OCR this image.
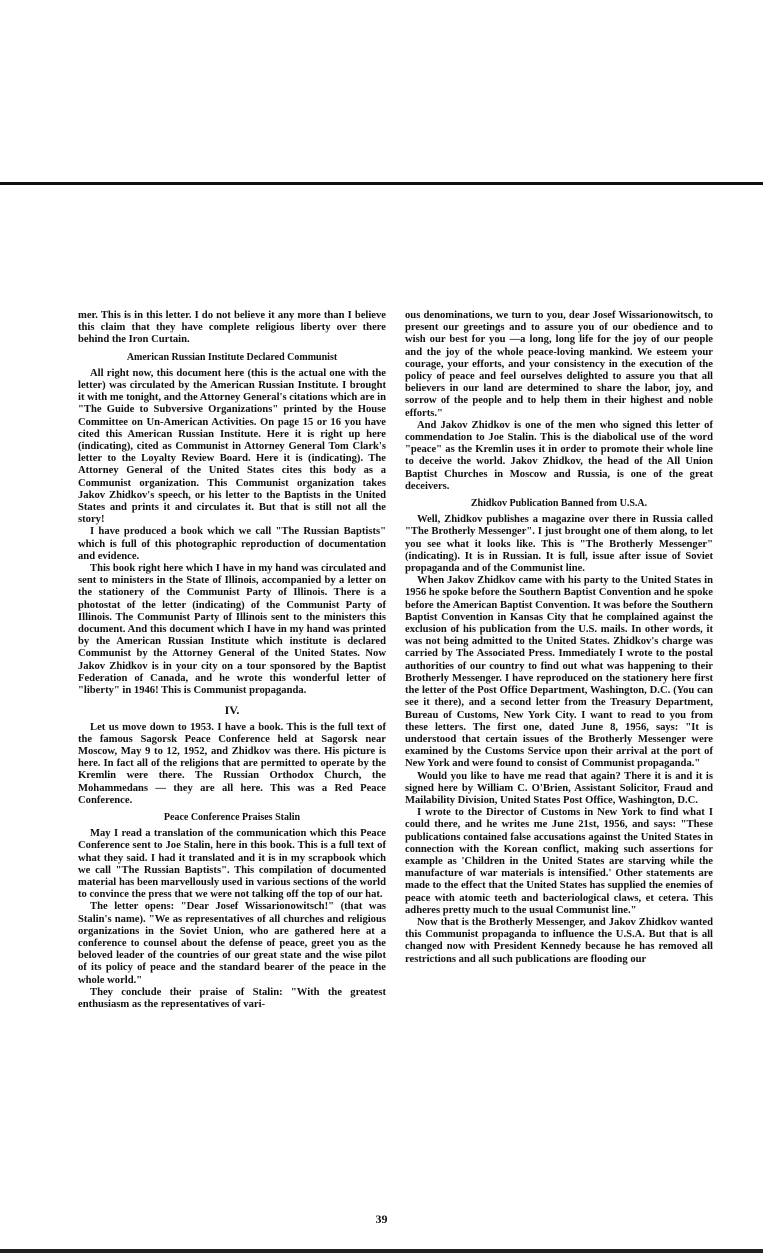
mer. This is in this letter. I do not believe it any more than I believe this claim that they have complete religious liberty over there behind the Iron Curtain.

American Russian Institute Declared Communist

All right now, this document here (this is the actual one with the letter) was circulated by the American Russian Institute. I brought it with me tonight, and the Attorney General's citations which are in "The Guide to Subversive Organizations" printed by the House Committee on Un-American Activities. On page 15 or 16 you have cited this American Russian Institute. Here it is right up here (indicating), cited as Communist in Attorney General Tom Clark's letter to the Loyalty Review Board. Here it is (indicating). The Attorney General of the United States cites this body as a Communist organization. This Communist organization takes Jakov Zhidkov's speech, or his letter to the Baptists in the United States and prints it and circulates it. But that is still not all the story!

I have produced a book which we call "The Russian Baptists" which is full of this photographic reproduction of documentation and evidence.

This book right here which I have in my hand was circulated and sent to ministers in the State of Illinois, accompanied by a letter on the stationery of the Communist Party of Illinois. There is a photostat of the letter (indicating) of the Communist Party of Illinois. The Communist Party of Illinois sent to the ministers this document. And this document which I have in my hand was printed by the American Russian Institute which institute is declared Communist by the Attorney General of the United States. Now Jakov Zhidkov is in your city on a tour sponsored by the Baptist Federation of Canada, and he wrote this wonderful letter of "liberty" in 1946! This is Communist propaganda.

IV.

Let us move down to 1953. I have a book. This is the full text of the famous Sagorsk Peace Conference held at Sagorsk near Moscow, May 9 to 12, 1952, and Zhidkov was there. His picture is here. In fact all of the religions that are permitted to operate by the Kremlin were there. The Russian Orthodox Church, the Mohammedans — they are all here. This was a Red Peace Conference.

Peace Conference Praises Stalin

May I read a translation of the communication which this Peace Conference sent to Joe Stalin, here in this book. This is a full text of what they said. I had it translated and it is in my scrapbook which we call "The Russian Baptists". This compilation of documented material has been marvellously used in various sections of the world to convince the press that we were not talking off the top of our hat.

The letter opens: "Dear Josef Wissarionowitsch!" (that was Stalin's name). "We as representatives of all churches and religious organizations in the Soviet Union, who are gathered here at a conference to counsel about the defense of peace, greet you as the beloved leader of the countries of our great state and the wise pilot of its policy of peace and the standard bearer of the peace in the whole world."

They conclude their praise of Stalin: "With the greatest enthusiasm as the representatives of vari-

ous denominations, we turn to you, dear Josef Wissarionowitsch, to present our greetings and to assure you of our obedience and to wish our best for you —a long, long life for the joy of our people and the joy of the whole peace-loving mankind. We esteem your courage, your efforts, and your consistency in the execution of the policy of peace and feel ourselves delighted to assure you that all believers in our land are determined to share the labor, joy, and sorrow of the people and to help them in their highest and noble efforts."

And Jakov Zhidkov is one of the men who signed this letter of commendation to Joe Stalin. This is the diabolical use of the word "peace" as the Kremlin uses it in order to promote their whole line to deceive the world. Jakov Zhidkov, the head of the All Union Baptist Churches in Moscow and Russia, is one of the great deceivers.

Zhidkov Publication Banned from U.S.A.

Well, Zhidkov publishes a magazine over there in Russia called "The Brotherly Messenger". I just brought one of them along, to let you see what it looks like. This is "The Brotherly Messenger" (indicating). It is in Russian. It is full, issue after issue of Soviet propaganda and of the Communist line.

When Jakov Zhidkov came with his party to the United States in 1956 he spoke before the Southern Baptist Convention and he spoke before the American Baptist Convention. It was before the Southern Baptist Convention in Kansas City that he complained against the exclusion of his publication from the U.S. mails. In other words, it was not being admitted to the United States. Zhidkov's charge was carried by The Associated Press. Immediately I wrote to the postal authorities of our country to find out what was happening to their Brotherly Messenger. I have reproduced on the stationery here first the letter of the Post Office Department, Washington, D.C. (You can see it there), and a second letter from the Treasury Department, Bureau of Customs, New York City. I want to read to you from these letters. The first one, dated June 8, 1956, says: "It is understood that certain issues of the Brotherly Messenger were examined by the Customs Service upon their arrival at the port of New York and were found to consist of Communist propaganda."

Would you like to have me read that again? There it is and it is signed here by William C. O'Brien, Assistant Solicitor, Fraud and Mailability Division, United States Post Office, Washington, D.C.

I wrote to the Director of Customs in New York to find what I could there, and he writes me June 21st, 1956, and says: "These publications contained false accusations against the United States in connection with the Korean conflict, making such assertions for example as 'Children in the United States are starving while the manufacture of war materials is intensified.' Other statements are made to the effect that the United States has supplied the enemies of peace with atomic teeth and bacteriological claws, et cetera. This adheres pretty much to the usual Communist line."

Now that is the Brotherly Messenger, and Jakov Zhidkov wanted this Communist propaganda to influence the U.S.A. But that is all changed now with President Kennedy because he has removed all restrictions and all such publications are flooding our

39
